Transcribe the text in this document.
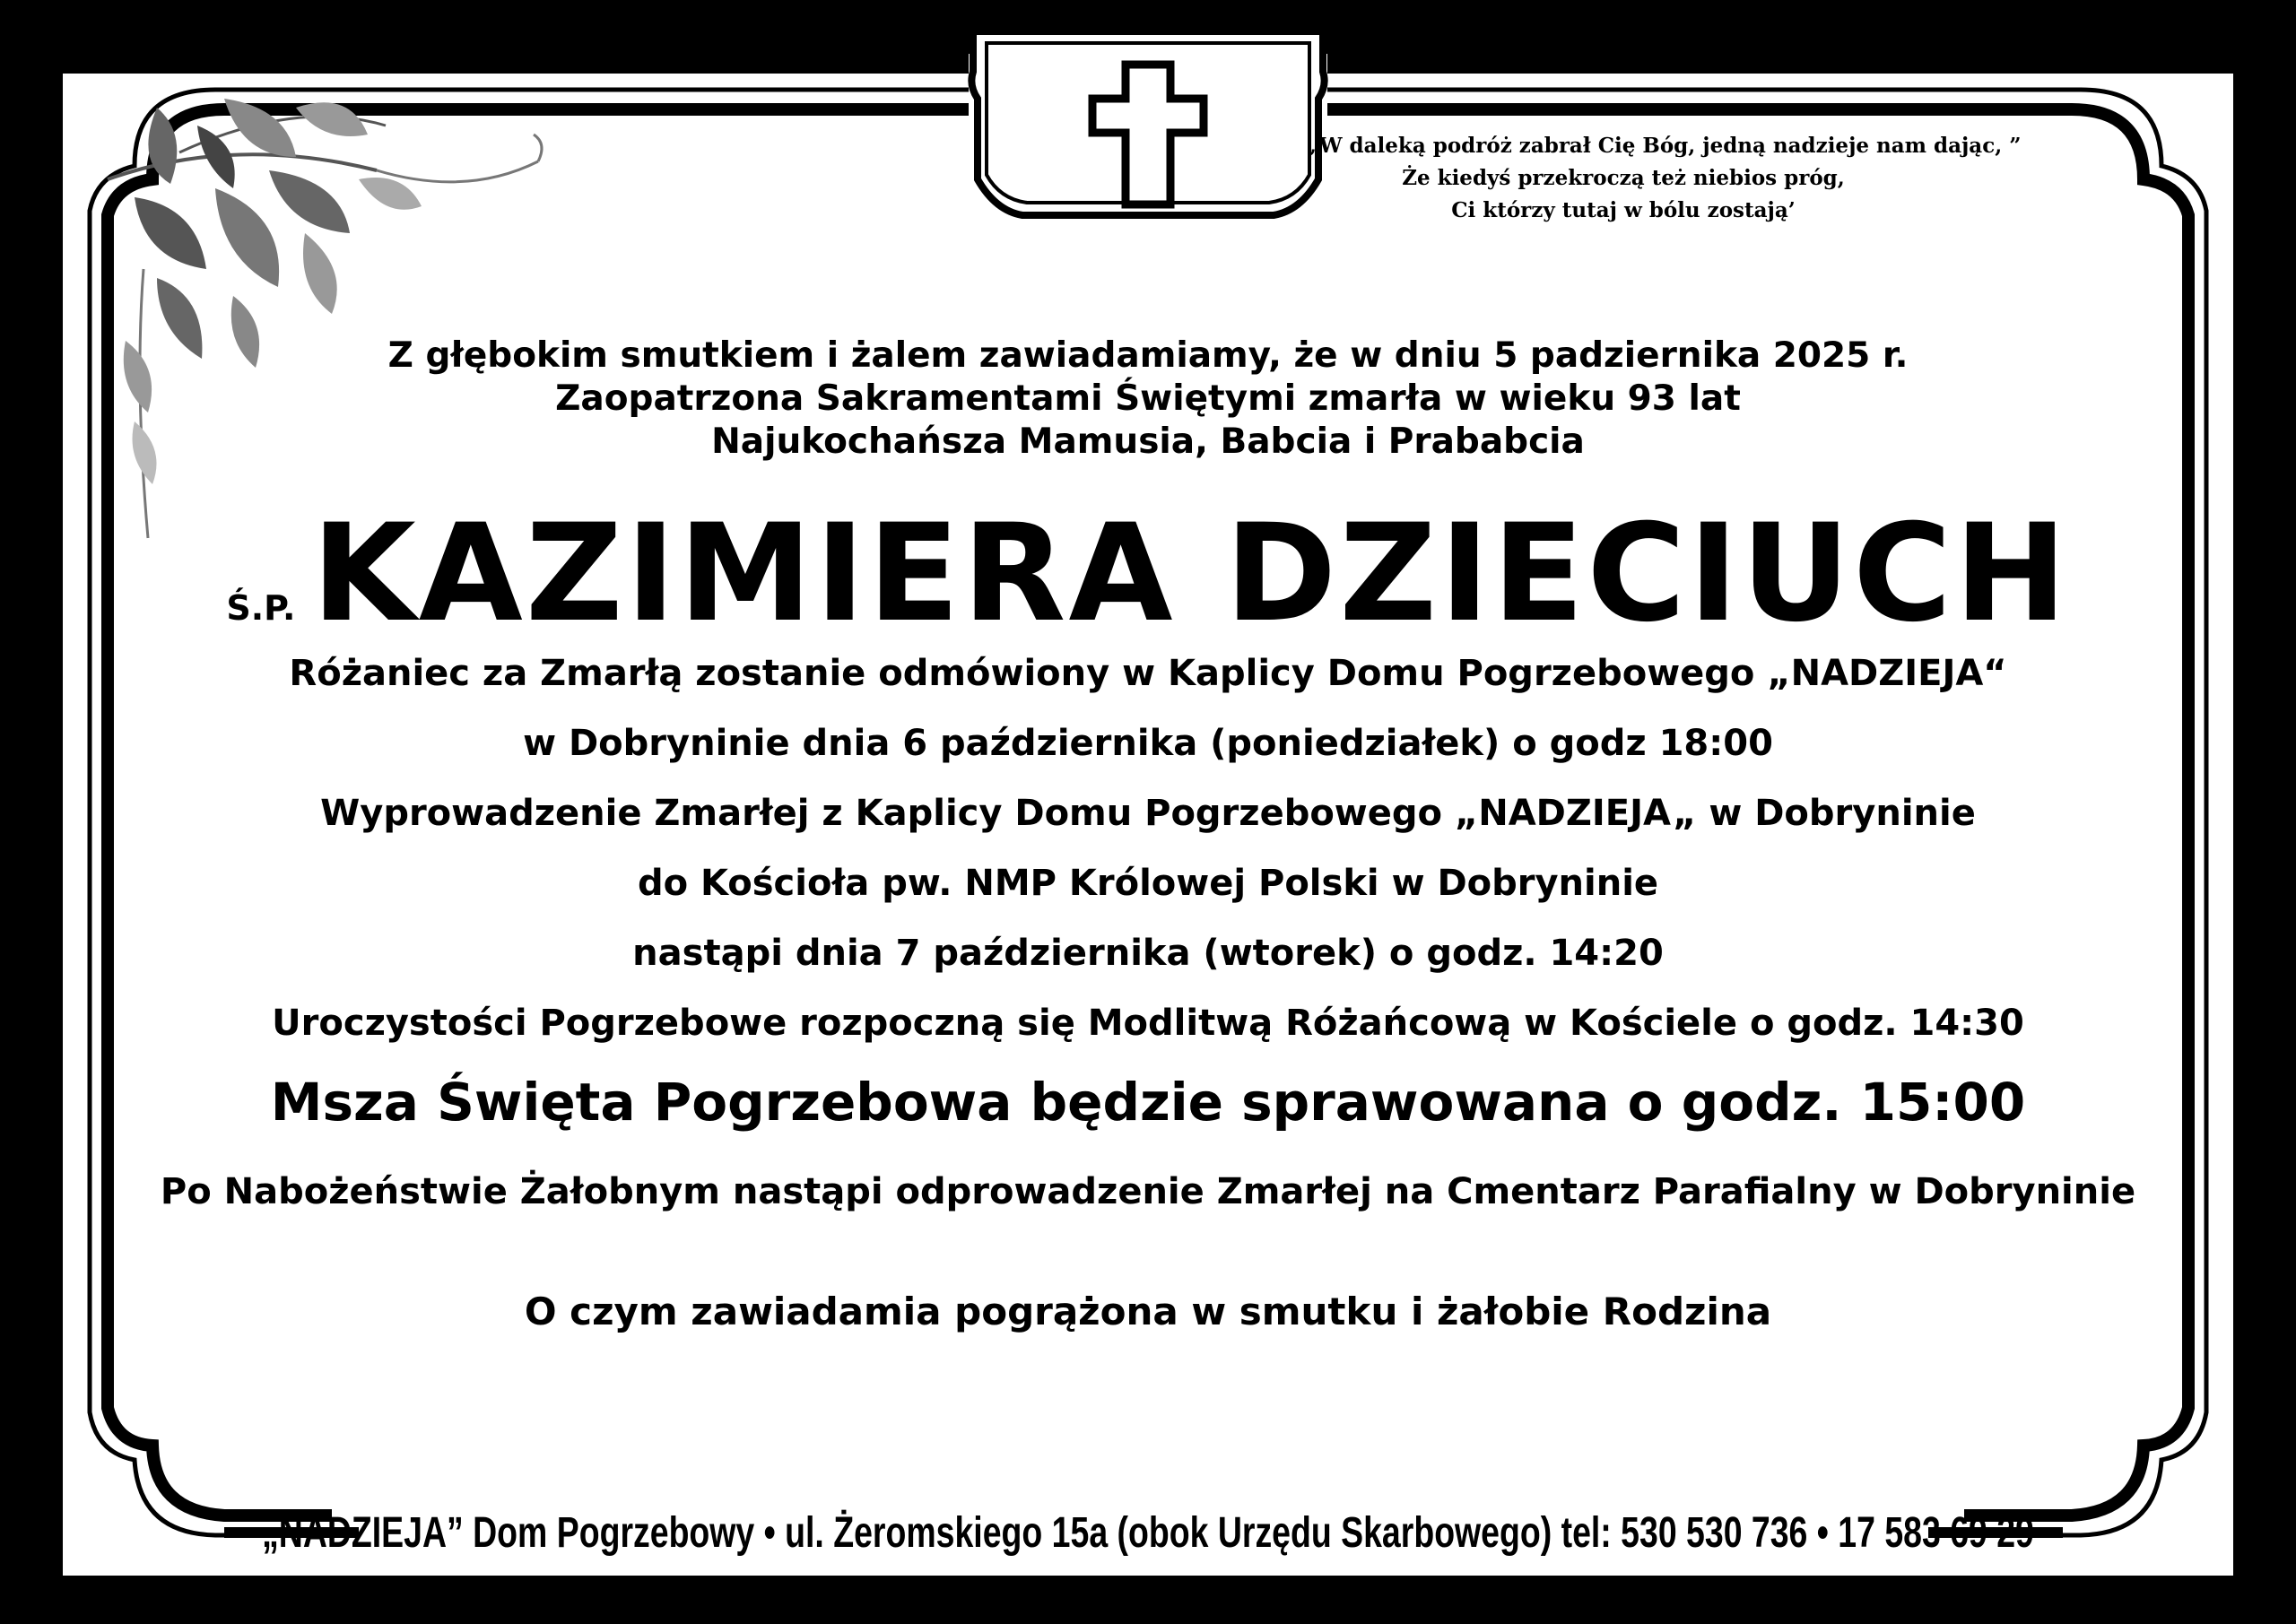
„W daleką podróż zabrał Cię Bóg, jedną nadzieje nam dając, ”
Że kiedyś przekroczą też niebios próg,
Ci którzy tutaj w bólu zostają’
Z głębokim smutkiem i żalem zawiadamiamy, że w dniu 5 padziernika 2025 r.
Zaopatrzona Sakramentami Świętymi zmarła w wieku 93 lat
Najukochańsza Mamusia, Babcia i Prababcia
Ś.P. KAZIMIERA DZIECIUCH
Różaniec za Zmarłą zostanie odmówiony w Kaplicy Domu Pogrzebowego „NADZIEJA“
w Dobryninie dnia 6 października (poniedziałek) o godz 18:00
Wyprowadzenie Zmarłej z Kaplicy Domu Pogrzebowego „NADZIEJA„ w Dobryninie
do Kościoła pw. NMP Królowej Polski w Dobryninie
nastąpi dnia 7 października (wtorek) o godz. 14:20
Uroczystości Pogrzebowe rozpoczną się Modlitwą Różańcową w Kościele o godz. 14:30
Msza Święta Pogrzebowa będzie sprawowana o godz. 15:00
Po Nabożeństwie Żałobnym nastąpi odprowadzenie Zmarłej na Cmentarz Parafialny w Dobryninie
O czym zawiadamia pogrążona w smutku i żałobie Rodzina
„NADZIEJA” Dom Pogrzebowy • ul. Żeromskiego 15a (obok Urzędu Skarbowego) tel: 530 530 736 • 17 583 69 29
